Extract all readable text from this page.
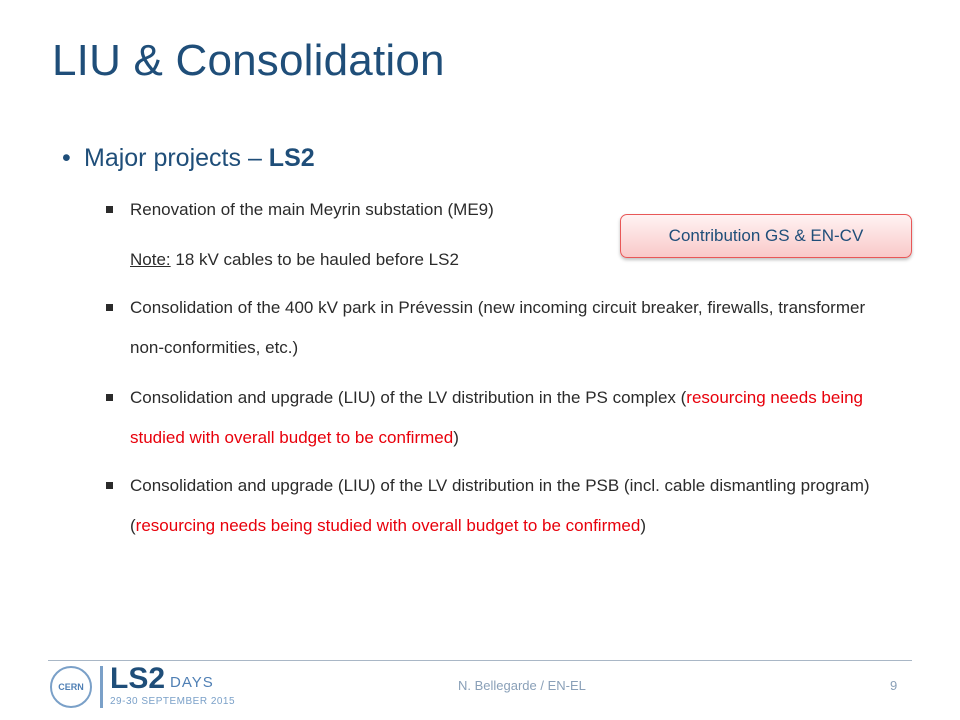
LIU & Consolidation
• Major projects – LS2
Renovation of the main Meyrin substation (ME9)
Note: 18 kV cables to be hauled before LS2
Contribution GS & EN-CV
Consolidation of the 400 kV park in Prévessin (new incoming circuit breaker, firewalls, transformer non-conformities, etc.)
Consolidation and upgrade (LIU) of the LV distribution in the PS complex (resourcing needs being studied with overall budget to be confirmed)
Consolidation and upgrade (LIU) of the LV distribution in the PSB (incl. cable dismantling program) (resourcing needs being studied with overall budget to be confirmed)
CERN LS2 DAYS
29-30 SEPTEMBER 2015
N. Bellegarde / EN-EL	9
